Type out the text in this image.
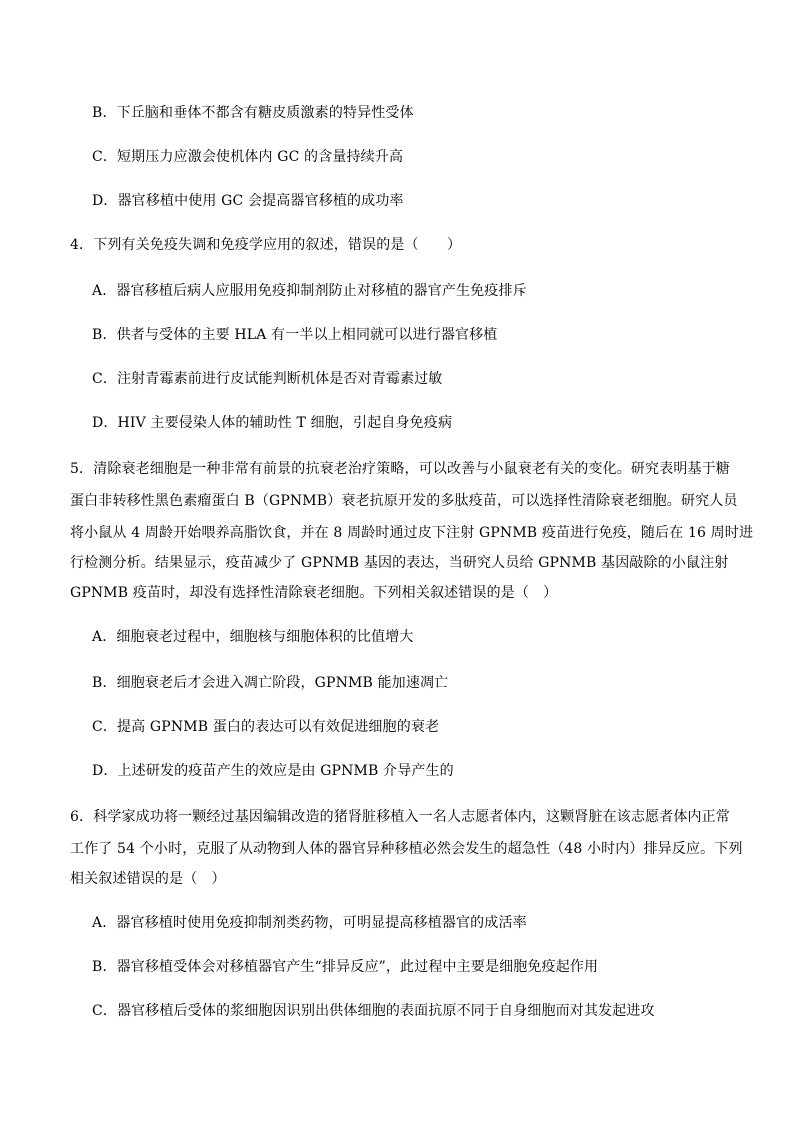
B．下丘脑和垂体不都含有糖皮质激素的特异性受体
C．短期压力应激会使机体内 GC 的含量持续升高
D．器官移植中使用 GC 会提高器官移植的成功率
4．下列有关免疫失调和免疫学应用的叙述，错误的是（　　）
A．器官移植后病人应服用免疫抑制剂防止对移植的器官产生免疫排斥
B．供者与受体的主要 HLA 有一半以上相同就可以进行器官移植
C．注射青霉素前进行皮试能判断机体是否对青霉素过敏
D．HIV 主要侵染人体的辅助性 T 细胞，引起自身免疫病
5．清除衰老细胞是一种非常有前景的抗衰老治疗策略，可以改善与小鼠衰老有关的变化。研究表明基于糖
蛋白非转移性黑色素瘤蛋白 B（GPNMB）衰老抗原开发的多肽疫苗，可以选择性清除衰老细胞。研究人员
将小鼠从 4 周龄开始喂养高脂饮食，并在 8 周龄时通过皮下注射 GPNMB 疫苗进行免疫，随后在 16 周时进
行检测分析。结果显示，疫苗减少了 GPNMB 基因的表达，当研究人员给 GPNMB 基因敲除的小鼠注射
GPNMB 疫苗时，却没有选择性清除衰老细胞。下列相关叙述错误的是（　）
A．细胞衰老过程中，细胞核与细胞体积的比值增大
B．细胞衰老后才会进入凋亡阶段，GPNMB 能加速凋亡
C．提高 GPNMB 蛋白的表达可以有效促进细胞的衰老
D．上述研发的疫苗产生的效应是由 GPNMB 介导产生的
6．科学家成功将一颗经过基因编辑改造的猪肾脏移植入一名人志愿者体内，这颗肾脏在该志愿者体内正常
工作了 54 个小时，克服了从动物到人体的器官异种移植必然会发生的超急性（48 小时内）排异反应。下列
相关叙述错误的是（　）
A．器官移植时使用免疫抑制剂类药物，可明显提高移植器官的成活率
B．器官移植受体会对移植器官产生“排异反应”，此过程中主要是细胞免疫起作用
C．器官移植后受体的浆细胞因识别出供体细胞的表面抗原不同于自身细胞而对其发起进攻
